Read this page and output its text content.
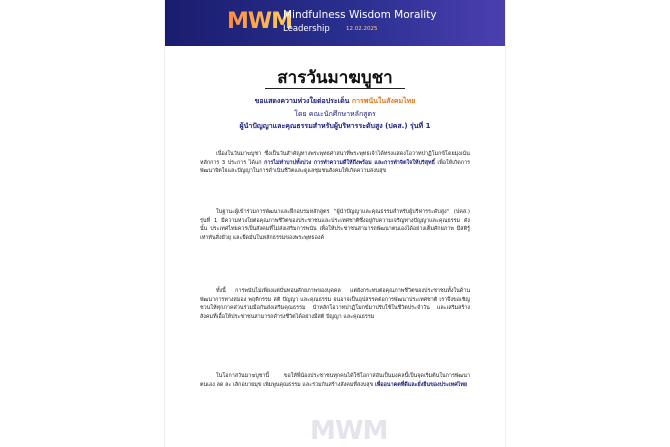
MWM
Mindfulness Wisdom Morality
Leadership	12.02.2025
สารวันมาฆบูชา
ขอแสดงความห่วงใยต่อประเด็น การพนันในสังคมไทย
โดย คณะนักศึกษาหลักสูตร
ผู้นำปัญญาและคุณธรรมสำหรับผู้บริหารระดับสูง (ปคส.) รุ่นที่ 1
เนื่องในวันมาฆบูชา ซึ่งเป็นวันสำคัญทางพระพุทธศาสนาที่พระพุทธเจ้าได้ทรงแสดงโอวาทปาฏิโมกข์โดยมุ่งเน้นหลักการ 3 ประการ ได้แก่ การไม่ทำบาปทั้งปวง การทำความดีให้ถึงพร้อม และการทำจิตใจให้บริสุทธิ์ เพื่อให้เกิดการพัฒนาจิตใจและปัญญาในการดำเนินชีวิตและดูแลชุมชนสังคมให้เกิดความสงบสุข
ในฐานะผู้เข้าร่วมการพัฒนาและฝึกอบรมหลักสูตร "ผู้นำปัญญาและคุณธรรมสำหรับผู้บริหารระดับสูง" (ปคส.) รุ่นที่ 1 มีความห่วงใยต่อคุณภาพชีวิตของประชาชนและประเทศชาติซึ่งอยู่กับความเจริญทางปัญญาและคุณธรรม ดังนั้น ประเทศไทยควรเป็นสังคมที่ไม่ส่งเสริมการพนัน เพื่อให้ประชาชนสามารถพัฒนาตนเองได้อย่างเต็มศักยภาพ มีสติรู้เท่าทันสิ่งยั่วยุ และยึดมั่นในหลักธรรมของพระพุทธองค์
ทั้งนี้ การพนันไม่เพียงแต่บั่นทอนศักยภาพของบุคคล แต่ยังกระทบต่อคุณภาพชีวิตของประชาชนทั้งในด้านพัฒนาการทางสมอง พฤติกรรม สติ ปัญญา และคุณธรรม จนอาจเป็นอุปสรรคต่อการพัฒนาประเทศชาติ เราจึงขอเชิญชวนให้ทุกภาคส่วนร่วมมือกันส่งเสริมคุณธรรม นำหลักโอวาทปาฏิโมกข์มาปรับใช้ในชีวิตประจำวัน และเสริมสร้างสังคมที่เอื้อให้ประชาชนสามารถดำรงชีวิตได้อย่างมีสติ ปัญญา และคุณธรรม
ในโอกาสวันมาฆบูชานี้ ขอให้พี่น้องประชาชนทุกคนได้ใช้โอกาสอันเป็นมงคลนี้เป็นจุดเริ่มต้นในการพัฒนาตนเอง ลด ละ เลิกอบายมุข เพิ่มพูนคุณธรรม และร่วมกันสร้างสังคมที่สงบสุข เพื่ออนาคตที่ดีและยั่งยืนของประเทศไทย
MWM
